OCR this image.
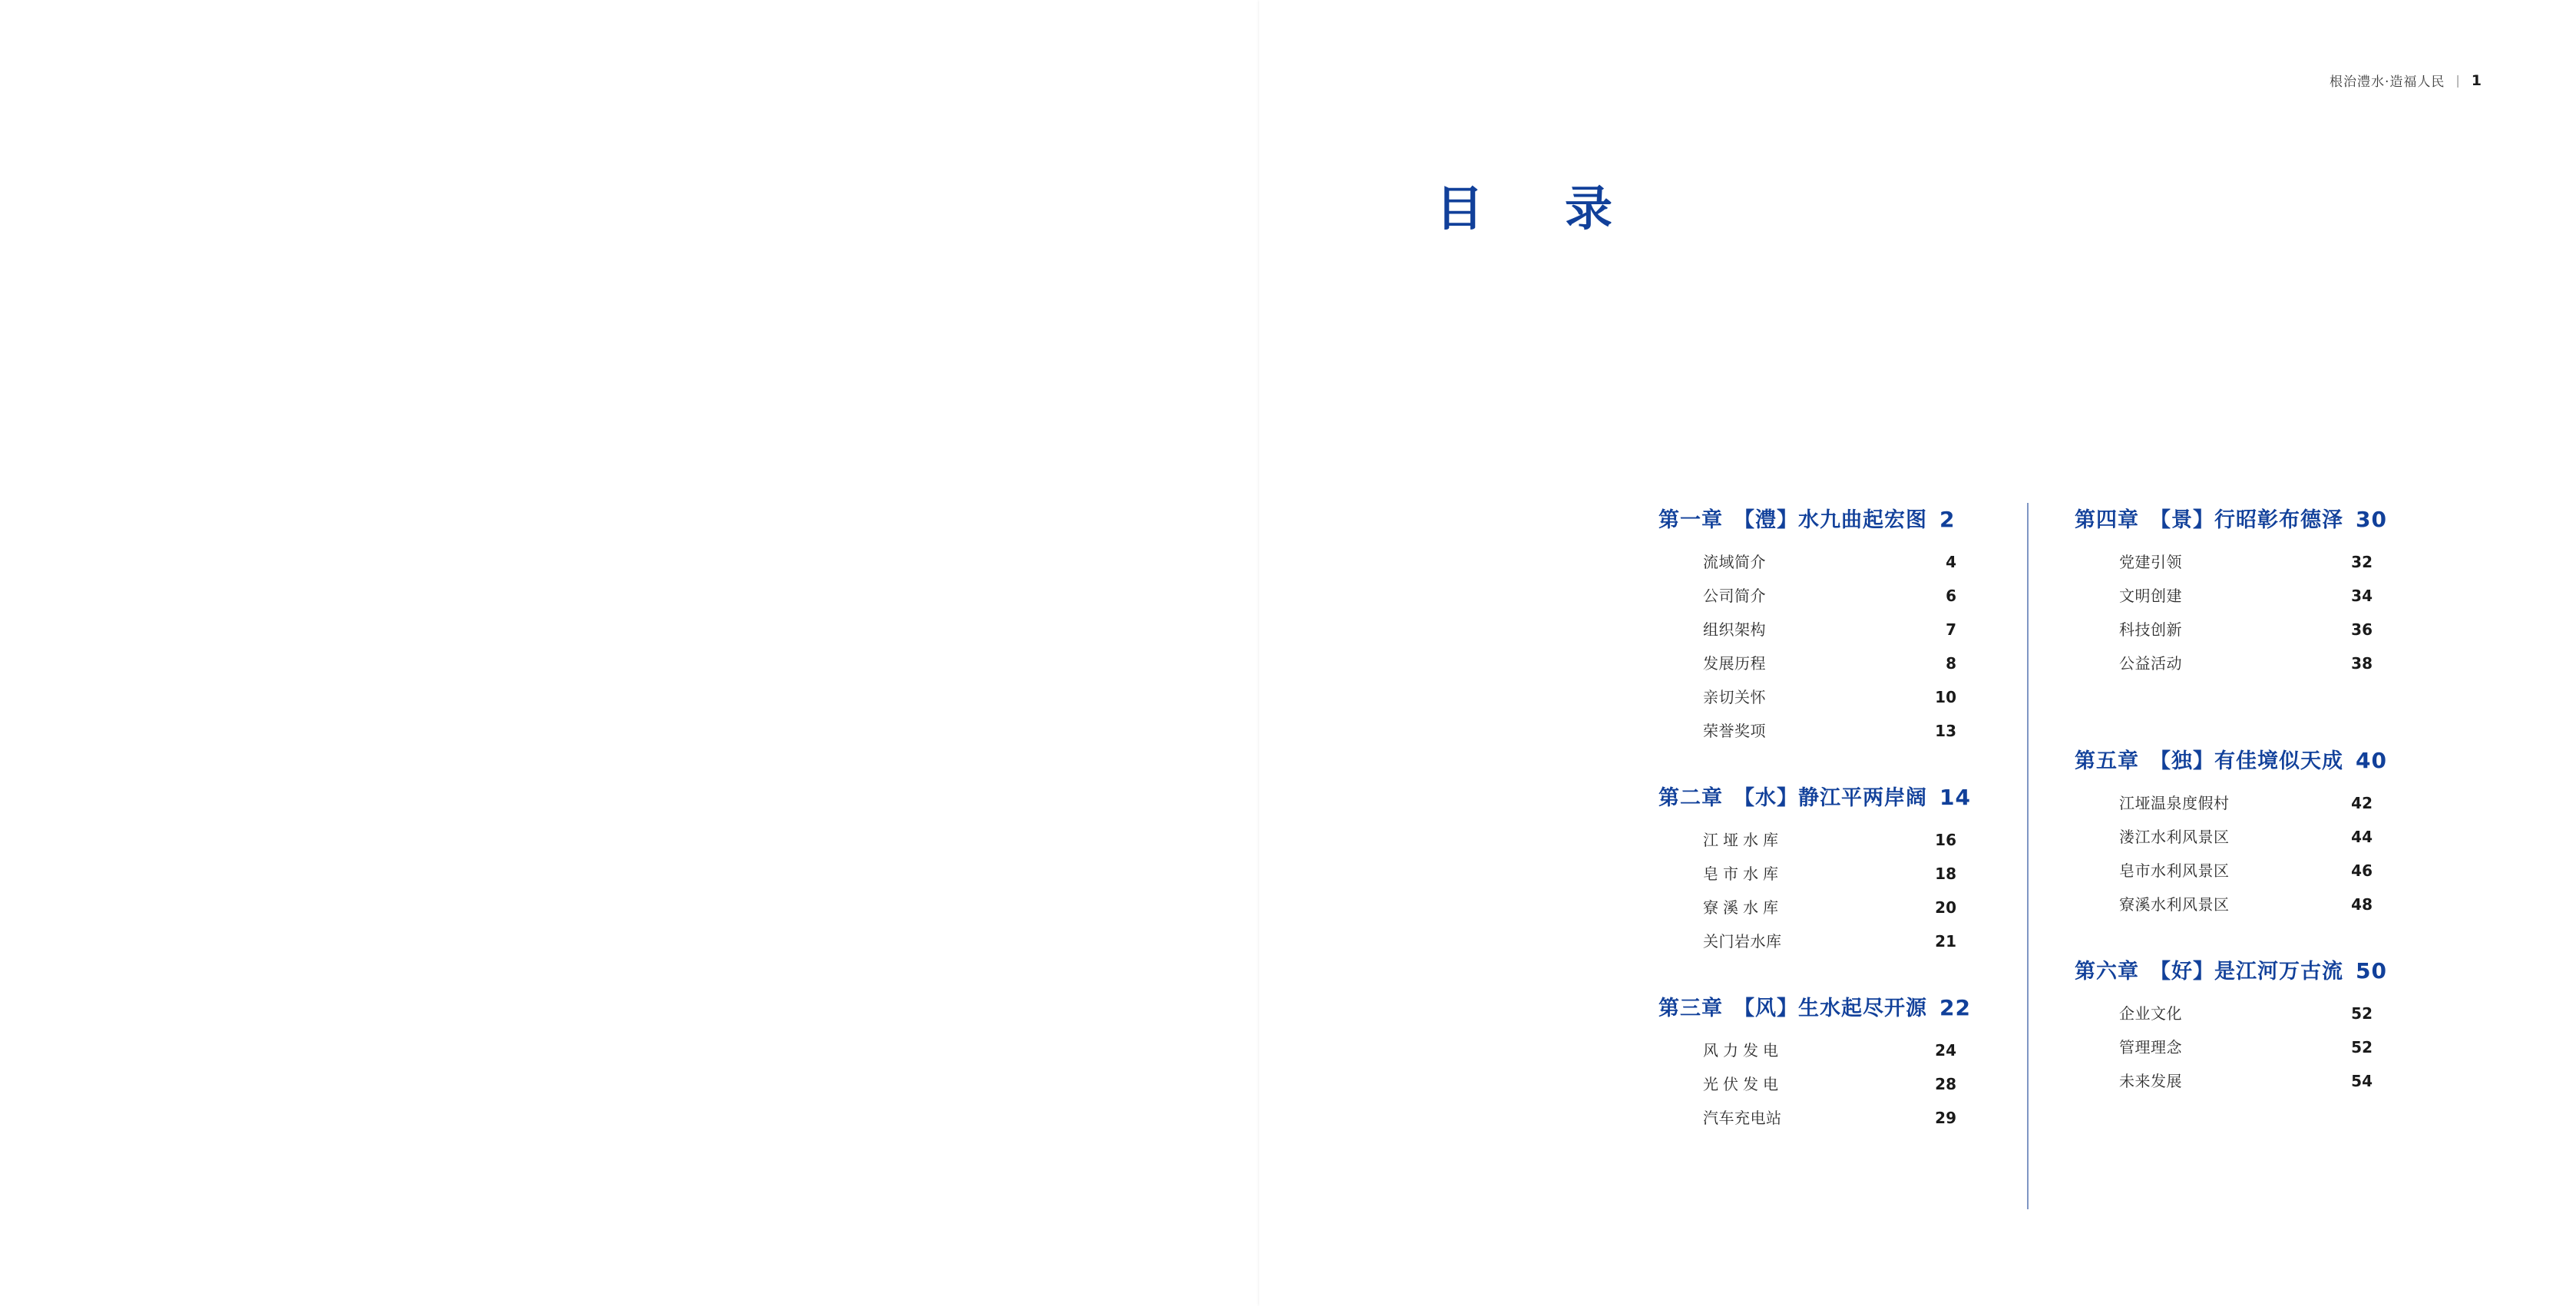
根治澧水·造福人民 | 1
目　录
第一章 【澧】水九曲起宏图 2
流域简介	4
公司简介	6
组织架构	7
发展历程	8
亲切关怀	10
荣誉奖项	13
第二章 【水】静江平两岸阔 14
江垭水库	16
皂市水库	18
寮溪水库	20
关门岩水库	21
第三章 【风】生水起尽开源 22
风力发电	24
光伏发电	28
汽车充电站	29
第四章 【景】行昭彰布德泽 30
党建引领	32
文明创建	34
科技创新	36
公益活动	38
第五章 【独】有佳境似天成 40
江垭温泉度假村	42
溇江水利风景区	44
皂市水利风景区	46
寮溪水利风景区	48
第六章 【好】是江河万古流 50
企业文化	52
管理理念	52
未来发展	54
